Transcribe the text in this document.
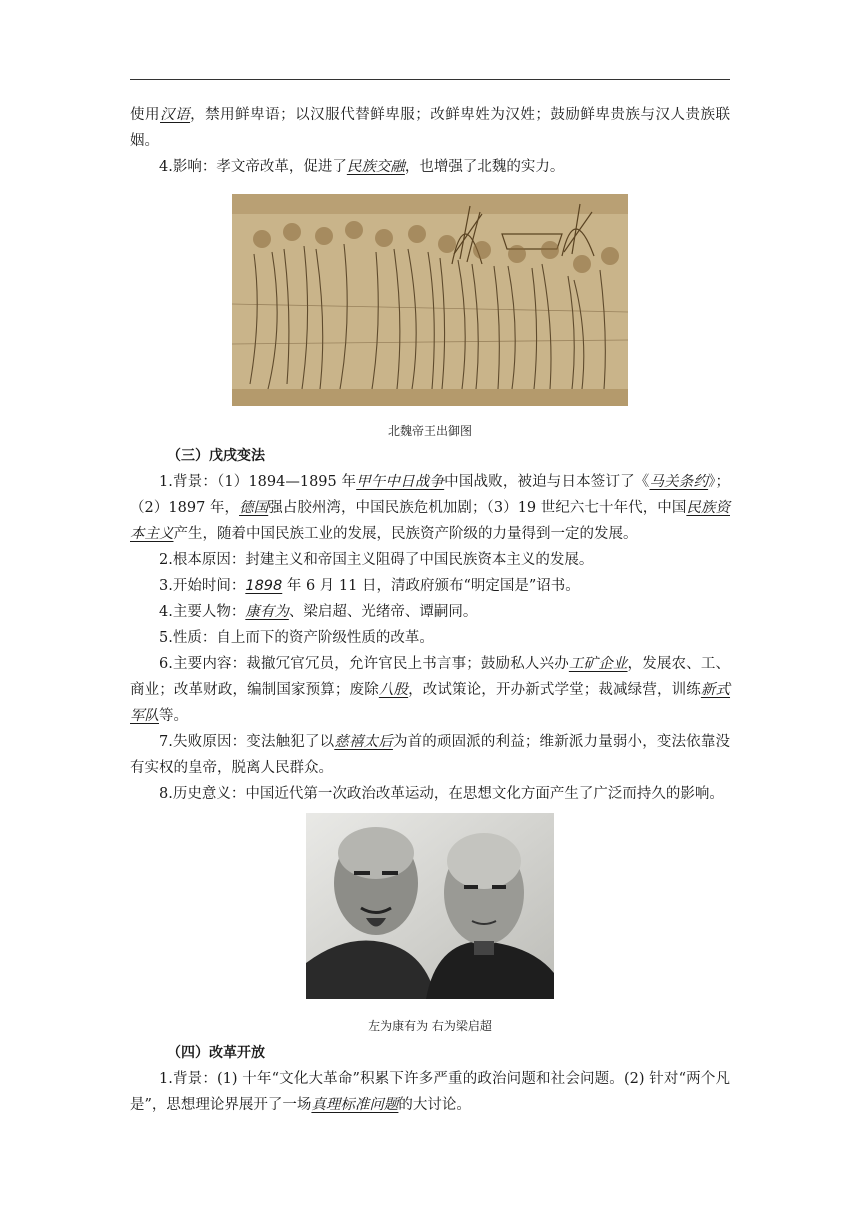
使用汉语，禁用鲜卑语；以汉服代替鲜卑服；改鲜卑姓为汉姓；鼓励鲜卑贵族与汉人贵族联姻。

4.影响：孝文帝改革，促进了民族交融，也增强了北魏的实力。

北魏帝王出御图

（三）戊戌变法

1.背景：（1）1894—1895 年甲午中日战争中国战败，被迫与日本签订了《马关条约》；（2）1897 年，德国强占胶州湾，中国民族危机加剧；（3）19 世纪六七十年代，中国民族资本主义产生，随着中国民族工业的发展，民族资产阶级的力量得到一定的发展。

2.根本原因：封建主义和帝国主义阻碍了中国民族资本主义的发展。

3.开始时间：1898 年 6 月 11 日，清政府颁布“明定国是”诏书。

4.主要人物：康有为、梁启超、光绪帝、谭嗣同。

5.性质：自上而下的资产阶级性质的改革。

6.主要内容：裁撤冗官冗员，允许官民上书言事；鼓励私人兴办工矿企业，发展农、工、商业；改革财政，编制国家预算；废除八股，改试策论，开办新式学堂；裁减绿营，训练新式军队等。

7.失败原因：变法触犯了以慈禧太后为首的顽固派的利益；维新派力量弱小，变法依靠没有实权的皇帝，脱离人民群众。

8.历史意义：中国近代第一次政治改革运动，在思想文化方面产生了广泛而持久的影响。

左为康有为 右为梁启超

（四）改革开放

1.背景：(1) 十年“文化大革命”积累下许多严重的政治问题和社会问题。(2) 针对“两个凡是”，思想理论界展开了一场真理标准问题的大讨论。
